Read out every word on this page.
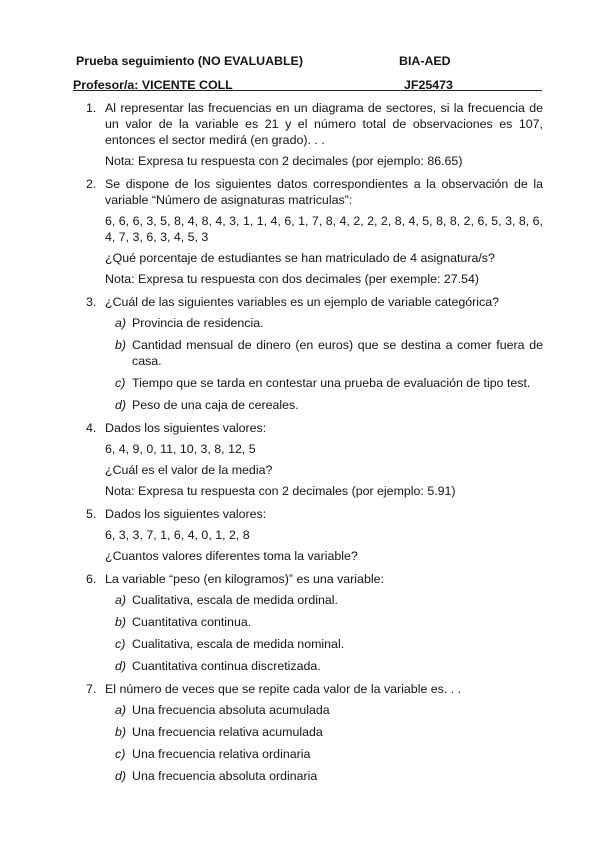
Prueba seguimiento (NO EVALUABLE)	BIA-AED
Profesor/a: VICENTE COLL	JF25473
1. Al representar las frecuencias en un diagrama de sectores, si la frecuencia de un valor de la variable es 21 y el número total de observaciones es 107, entonces el sector medirá (en grado). . .

Nota: Expresa tu respuesta con 2 decimales (por ejemplo: 86.65)

2. Se dispone de los siguientes datos correspondientes a la observación de la variable “Número de asignaturas matriculas”:

6, 6, 6, 3, 5, 8, 4, 8, 4, 3, 1, 1, 4, 6, 1, 7, 8, 4, 2, 2, 2, 8, 4, 5, 8, 8, 2, 6, 5, 3, 8, 6, 4, 7, 3, 6, 3, 4, 5, 3

¿Qué porcentaje de estudiantes se han matriculado de 4 asignatura/s?

Nota: Expresa tu respuesta con dos decimales (per exemple: 27.54)

3. ¿Cuál de las siguientes variables es un ejemplo de variable categórica?

a) Provincia de residencia.
b) Cantidad mensual de dinero (en euros) que se destina a comer fuera de casa.
c) Tiempo que se tarda en contestar una prueba de evaluación de tipo test.
d) Peso de una caja de cereales.
4. Dados los siguientes valores:

6, 4, 9, 0, 11, 10, 3, 8, 12, 5

¿Cuál es el valor de la media?

Nota: Expresa tu respuesta con 2 decimales (por ejemplo: 5.91)

5. Dados los siguientes valores:

6, 3, 3, 7, 1, 6, 4, 0, 1, 2, 8

¿Cuantos valores diferentes toma la variable?

6. La variable “peso (en kilogramos)” es una variable:

a) Cualitativa, escala de medida ordinal.
b) Cuantitativa continua.
c) Cualitativa, escala de medida nominal.
d) Cuantitativa continua discretizada.
7. El número de veces que se repite cada valor de la variable es. . .

a) Una frecuencia absoluta acumulada
b) Una frecuencia relativa acumulada
c) Una frecuencia relativa ordinaria
d) Una frecuencia absoluta ordinaria
